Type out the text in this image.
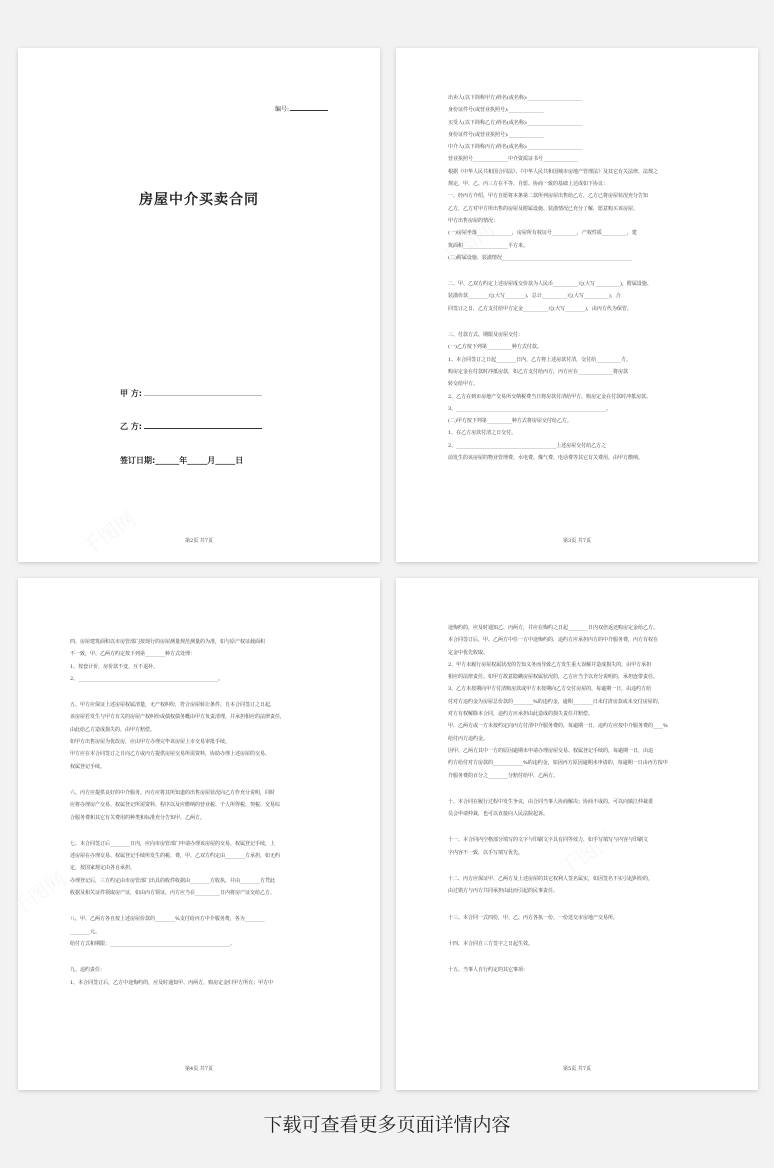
编号:
房屋中介买卖合同
甲 方:
乙 方:
签订日期:______年_____月_____日
第2页 共7页
出卖人(以下简称甲方)姓名(或名称):______________________
身份证件号(或营业执照号):______________
买受人(以下简称乙方)姓名(或名称):______________________
身份证件号(或营业执照号):______________
中介人(以下简称丙方)姓名(或名称):______________________
营业执照号______________中介资质证书号______________
根据《中华人民共和国合同法》、《中华人民共和国城市房地产管理法》及其它有关法律、法规之
规定，甲、乙、丙三方在平等、自愿、协商一致的基础上达成如下协议：
一、经丙方介绍，甲方自愿将本条第二款所列房屋出售给乙方，乙方已将房屋状况充分告知
乙方，乙方对甲方所出售的房屋及附属设施、装潢情况已充分了解，愿意购买该房屋。
甲方出售房屋的情况：
(一)房屋坐落______________，房屋所有权证号__________，产权性质__________，建
筑面积__________________平方米。
(二)附属设施、装潢情况____________________________________________________
二、甲、乙双方约定上述房屋成交价款为人民币__________元(大写__________)，附属设施、
装潢价款________元(大写________)，总计__________元(大写__________)，合
同签订之日，乙方支付给甲方定金__________元(大写________)，由丙方代为保管。
三、付款方式、期限及房屋交付：
(一)乙方按下列第__________种方式付款。
1、本合同签订之日起________日内，乙方将上述房款付清，交付给__________方，
购房定金在付款时冲抵房款，如乙方支付给丙方，丙方应在______________将房款
转交给甲方。
2、乙方在到市房地产交易所交纳税费当日将房款付清给甲方，购房定金在付款时冲抵房款。
3、____________________________________________________________。
(二)甲方按下列第__________种方式将房屋交付给乙方。
1、在乙方房款付清之日交付。
2、________________________________________上述房屋交付给乙方之
前发生的该房屋的物业管理费、水电费、煤气费、电话费等其它有关费用，由甲方缴纳。
第3页 共7页
四、房屋建筑面积以市房管部门按现行的房屋测量规范测量的为准，如与原产权证载面积
不一致，甲、乙两方约定按下列第________种方式处理：
1、按套计价，房价款不变，互不退补。
2、________________________________________________________。
五、甲方应保证上述房屋权属清楚，无产权纠纷，符合房屋转让条件。自本合同签订之日起，
该房屋若发生与甲方有关的房屋产权纠纷或债权债务概由甲方负责清理，并承担相应的法律责任，
由此给乙方造成损失的，由甲方赔偿。
如甲方出售房屋为优改房，应由甲方办理完毕该房屋上市交易审批手续。
甲方应在本合同签订之日向乙方或丙方提供房屋交易所需资料，协助办理上述房屋的交易、
权属登记手续。
六、丙方应提供良好的中介服务。丙方应将其所知道的出售房屋状况向乙方作充分说明，同时
应将办理房产交易、权属登记所需资料、程序以及应缴纳的营业税、个人所得税、契税、交易综
合服务费和其它有关费用的种类和标准充分告知甲、乙两方。
七、本合同签订后________日内，应向市房管部门申请办理该房屋的交易、权属登记手续，上
述房屋在办理交易、权属登记手续所发生的税、费，甲、乙双方约定由________方承担，如无约
定，按国家规定由各自承担。
办理登记后，三方约定由市房管部门出具的收件收据由________方收执，并由________方凭此
收据及相关证件领取房产证，如由丙方领证，丙方应当在__________日内将房产证交给乙方。
八、甲、乙两方各自按上述房屋价款的________%支付给丙方中介服务费，各为________
________元。
给付方式和期限：________________________________________________。
九、违约责任：
1、本合同签订后，乙方中途悔约的，应及时通知甲、丙两方，购房定金归甲方所有；甲方中
第4页 共7页
途悔约的，应及时通知乙、丙两方，并应在悔约之日起________日内双倍返还购房定金给乙方。
本合同签订后，甲、乙两方中任一方中途悔约的，违约方应承担丙方的中介服务费，丙方有权在
定金中优先收取。
2、甲方未履行房屋权属状况的告知义务而导致乙方发生重大误解并造成损失的，由甲方承担
相应的法律责任。如甲方故意隐瞒房屋权属状况的，乙方应当予以充分说明的，承担连带责任。
3、乙方未按期向甲方付清购房款或甲方未按期向乙方交付房屋的，每逾期一日，由违约方给
付对方违约金为房屋总价款的________%的违约金，逾期________日未付清房款或未交付房屋的，
对方有权解除本合同，违约方应承担由此造成的损失责任并赔偿。
甲、乙两方或一方未按约定向丙方付清中介服务费的，每逾期一日，违约方应按中介服务费的____%
给付丙方违约金。
因甲、乙两方其中一方的原因逾期未申请办理房屋交易、权属登记手续的，每逾期一日，由违
约方给付对方房款的____________%的违约金，如因丙方原因逾期未申请的，每逾期一日由丙方按中
介服务费的百分之________分赔付给甲、乙两方。
十、本合同在履行过程中发生争议，由合同当事人协商解决；协商不成的，可以向镇江仲裁委
员会申请仲裁，也可以直接向人民法院起诉。
十一、本合同内空格部分填写的文字与印刷文字具有同等效力，如手写填写与内容与印刷文
字内容不一致，以手写填写优先。
十二、丙方应保证甲、乙两方及上述房屋的其它权利人签名属实，如因签名不实引起纠纷的，
由过错方与丙方共同承担由此而引起的民事责任。
十三、本合同一式四份，甲、乙、丙方各执一份，一份送交市房地产交易所。
十四、本合同自三方签字之日起生效。
十五、当事人自行约定的其它事项：
第5页 共7页
下载可查看更多页面详情内容
